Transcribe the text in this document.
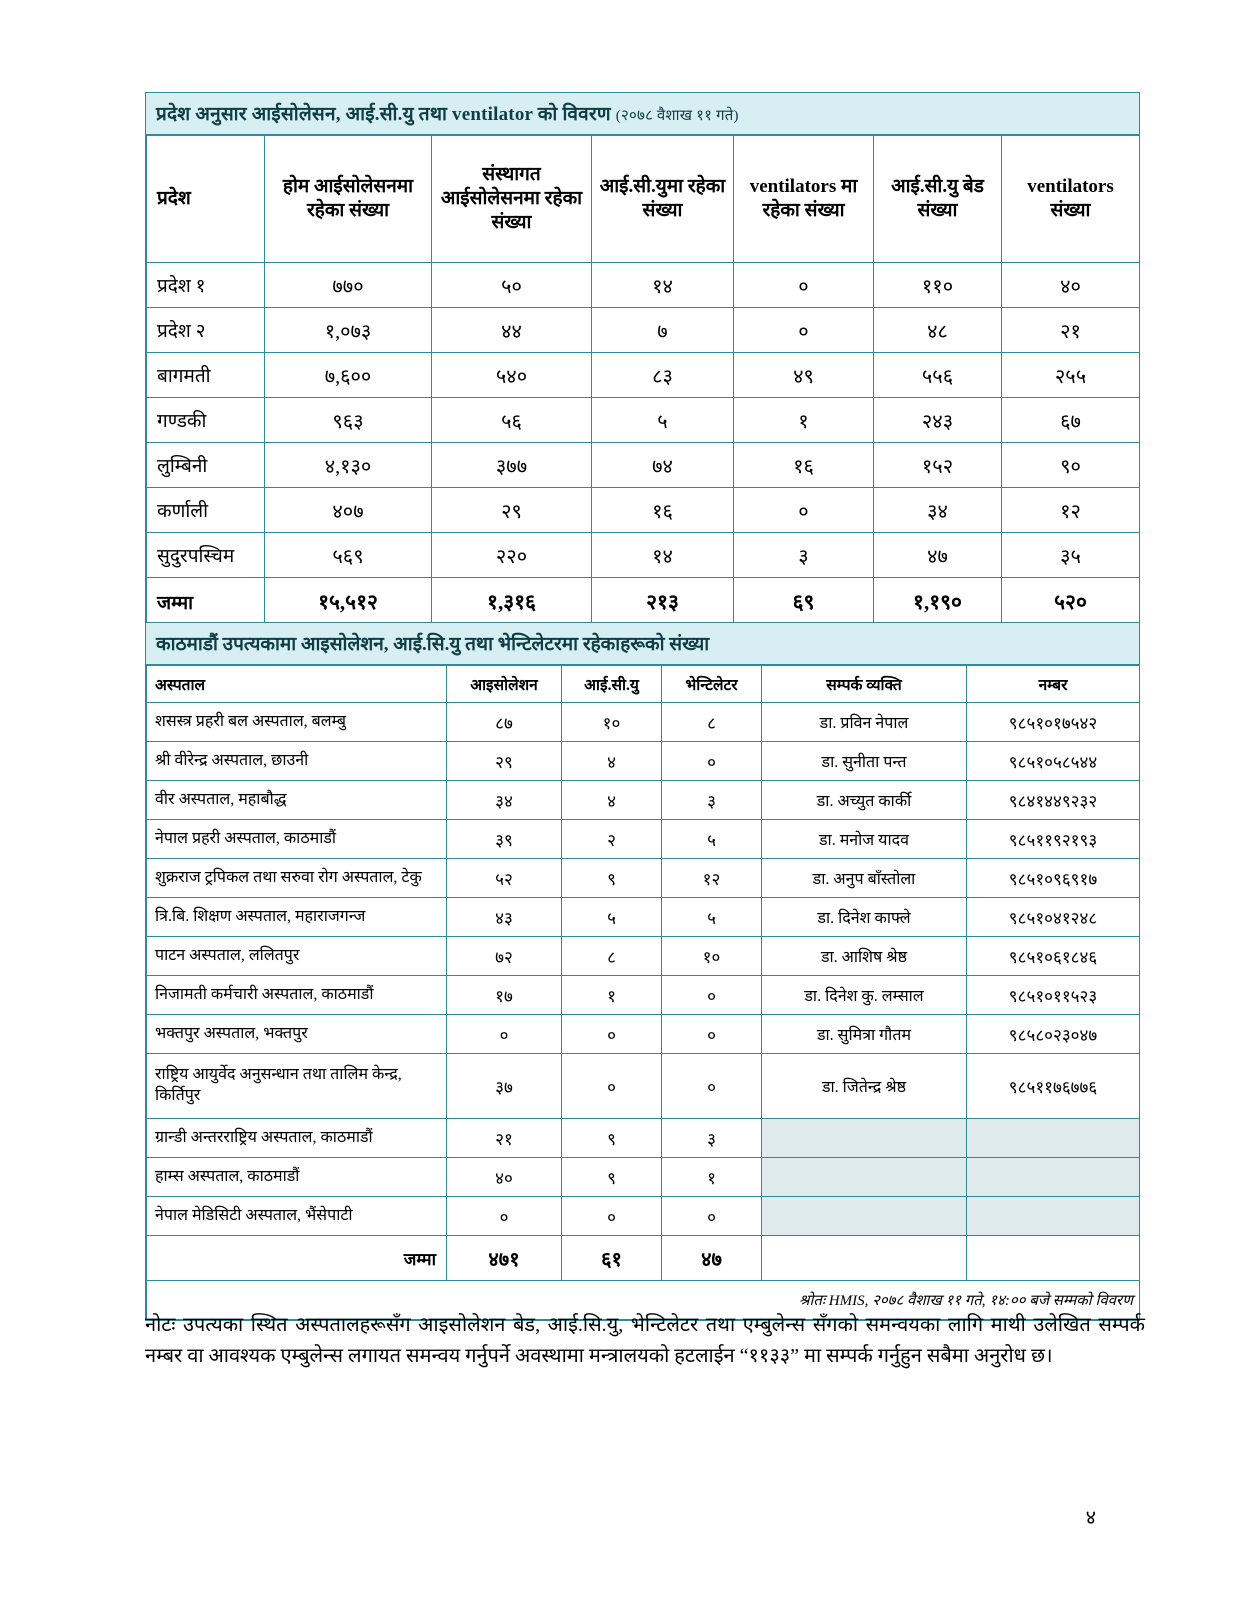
प्रदेश अनुसार आईसोलेसन, आई.सी.यु तथा ventilator को विवरण (२०७८ वैशाख ११ गते)
प्रदेश	होम आईसोलेसनमा रहेका संख्या	संस्थागत आईसोलेसनमा रहेका संख्या	आई.सी.युमा रहेका संख्या	ventilators मा रहेका संख्या	आई.सी.यु बेड संख्या	ventilators संख्या
प्रदेश १	७७०	५०	१४	०	११०	४०
प्रदेश २	१,०७३	४४	७	०	४८	२१
बागमती	७,६००	५४०	८३	४९	५५६	२५५
गण्डकी	९६३	५६	५	१	२४३	६७
लुम्बिनी	४,१३०	३७७	७४	१६	१५२	९०
कर्णाली	४०७	२९	१६	०	३४	१२
सुदुरपस्चिम	५६९	२२०	१४	३	४७	३५
जम्मा	१५,५१२	१,३१६	२१३	६९	१,१९०	५२०
काठमाडौं उपत्यकामा आइसोलेशन, आई.सि.यु तथा भेन्टिलेटरमा रहेकाहरूको संख्या
अस्पताल	आइसोलेशन	आई.सी.यु	भेन्टिलेटर	सम्पर्क व्यक्ति	नम्बर
शसस्त्र प्रहरी बल अस्पताल, बलम्बु	८७	१०	८	डा. प्रविन नेपाल	९८५१०१७५४२
श्री वीरेन्द्र अस्पताल, छाउनी	२९	४	०	डा. सुनीता पन्त	९८५१०५८५४४
वीर अस्पताल, महाबौद्ध	३४	४	३	डा. अच्युत कार्की	९८४१४४९२३२
नेपाल प्रहरी अस्पताल, काठमाडौं	३९	२	५	डा. मनोज यादव	९८५११९२१९३
शुक्रराज ट्रपिकल तथा सरुवा रोग अस्पताल, टेकु	५२	९	१२	डा. अनुप बाँस्तोला	९८५१०९६९१७
त्रि.बि. शिक्षण अस्पताल, महाराजगन्ज	४३	५	५	डा. दिनेश काफ्ले	९८५१०४१२४८
पाटन अस्पताल, ललितपुर	७२	८	१०	डा. आशिष श्रेष्ठ	९८५१०६१८४६
निजामती कर्मचारी अस्पताल, काठमाडौं	१७	१	०	डा. दिनेश कु. लम्साल	९८५१०११५२३
भक्तपुर अस्पताल, भक्तपुर	०	०	०	डा. सुमित्रा गौतम	९८५८०२३०४७
राष्ट्रिय आयुर्वेद अनुसन्धान तथा तालिम केन्द्र, किर्तिपुर	३७	०	०	डा. जितेन्द्र श्रेष्ठ	९८५११७६७७६
ग्रान्डी अन्तरराष्ट्रिय अस्पताल, काठमाडौं	२१	९	३		
हाम्स अस्पताल, काठमाडौं	४०	९	१		
नेपाल मेडिसिटी अस्पताल, भैंसेपाटी	०	०	०		
जम्मा	४७१	६१	४७		
श्रोतः HMIS, २०७८ वैशाख ११ गते, १४:०० बजे सम्मको विवरण					
नोटः उपत्यका स्थित अस्पतालहरूसँग आइसोलेशन बेड, आई.सि.यु, भेन्टिलेटर तथा एम्बुलेन्स सँगको समन्वयका लागि माथी उलेखित सम्पर्क नम्बर वा आवश्यक एम्बुलेन्स लगायत समन्वय गर्नुपर्ने अवस्थामा मन्त्रालयको हटलाईन “११३३” मा सम्पर्क गर्नुहुन सबैमा अनुरोध छ।
४
